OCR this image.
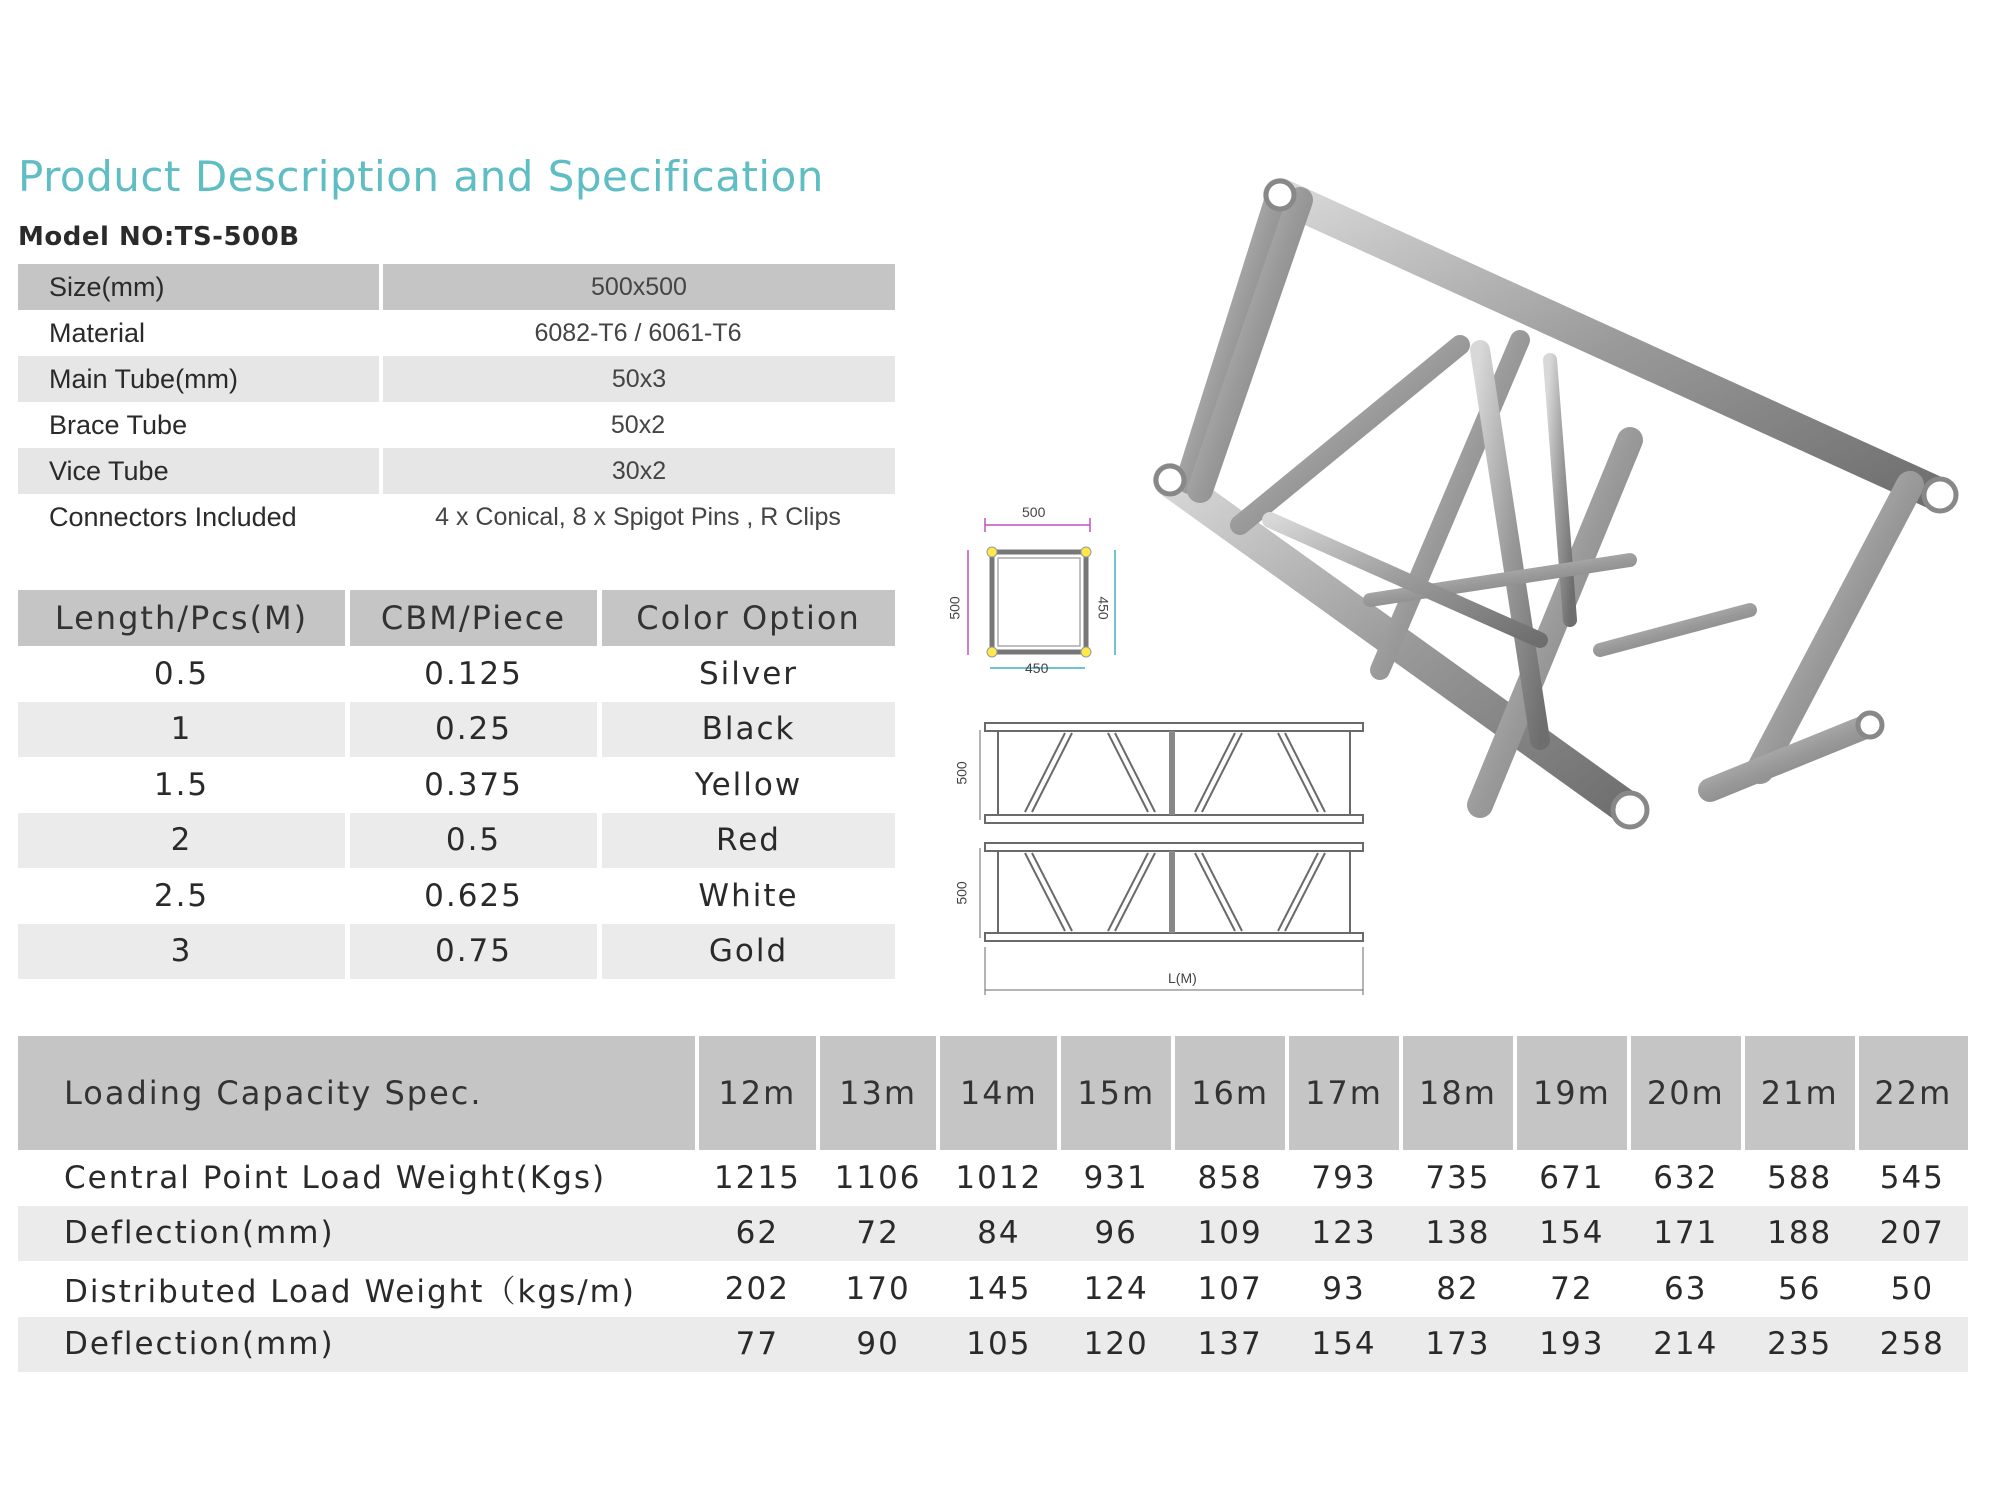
Product Description and Specification
Model NO:TS-500B
Size(mm)	500x500
Material	6082-T6 / 6061-T6
Main Tube(mm)	50x3
Brace Tube	50x2
Vice Tube	30x2
Connectors Included	4 x Conical, 8 x Spigot Pins , R Clips
Length/Pcs(M)	CBM/Piece	Color Option
0.5	0.125	Silver
1	0.25	Black
1.5	0.375	Yellow
2	0.5	Red
2.5	0.625	White
3	0.75	Gold
500
500	450
450
500
500
L(M)
Loading Capacity Spec.	12m	13m	14m	15m	16m	17m	18m	19m	20m	21m	22m
Central Point Load Weight(Kgs)	1215	1106	1012	931	858	793	735	671	632	588	545
Deflection(mm)	62	72	84	96	109	123	138	154	171	188	207
Distributed Load Weight（kgs/m)	202	170	145	124	107	93	82	72	63	56	50
Deflection(mm)	77	90	105	120	137	154	173	193	214	235	258
